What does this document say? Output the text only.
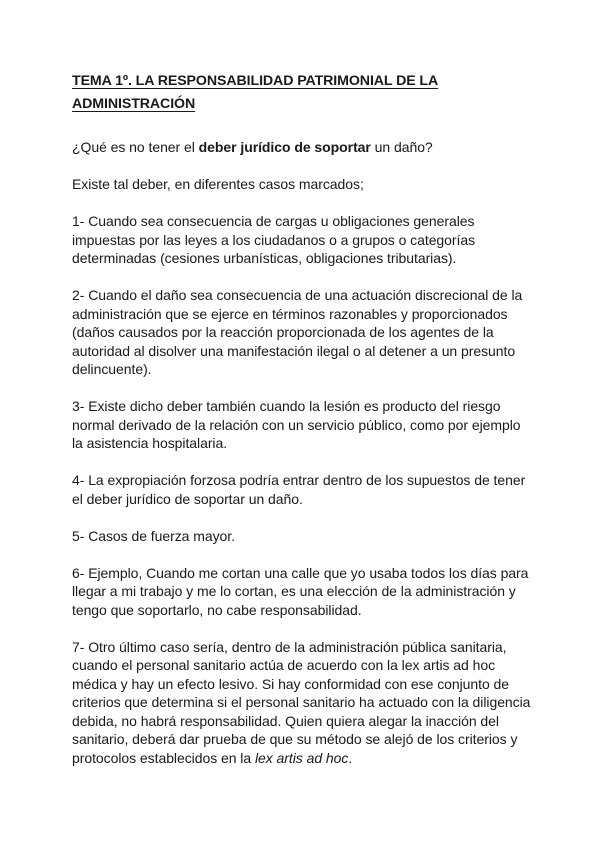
TEMA 1º. LA RESPONSABILIDAD PATRIMONIAL DE LA
ADMINISTRACIÓN

¿Qué es no tener el deber jurídico de soportar un daño?

Existe tal deber, en diferentes casos marcados;

1- Cuando sea consecuencia de cargas u obligaciones generales impuestas por las leyes a los ciudadanos o a grupos o categorías determinadas (cesiones urbanísticas, obligaciones tributarias).

2- Cuando el daño sea consecuencia de una actuación discrecional de la administración que se ejerce en términos razonables y proporcionados (daños causados por la reacción proporcionada de los agentes de la autoridad al disolver una manifestación ilegal o al detener a un presunto delincuente).

3- Existe dicho deber también cuando la lesión es producto del riesgo normal derivado de la relación con un servicio público, como por ejemplo la asistencia hospitalaria.

4- La expropiación forzosa podría entrar dentro de los supuestos de tener el deber jurídico de soportar un daño.

5- Casos de fuerza mayor.

6- Ejemplo, Cuando me cortan una calle que yo usaba todos los días para llegar a mi trabajo y me lo cortan, es una elección de la administración y tengo que soportarlo, no cabe responsabilidad.

7- Otro último caso sería, dentro de la administración pública sanitaria, cuando el personal sanitario actúa de acuerdo con la lex artis ad hoc médica y hay un efecto lesivo. Si hay conformidad con ese conjunto de criterios que determina si el personal sanitario ha actuado con la diligencia debida, no habrá responsabilidad. Quien quiera alegar la inacción del sanitario, deberá dar prueba de que su método se alejó de los criterios y protocolos establecidos en la lex artis ad hoc.
